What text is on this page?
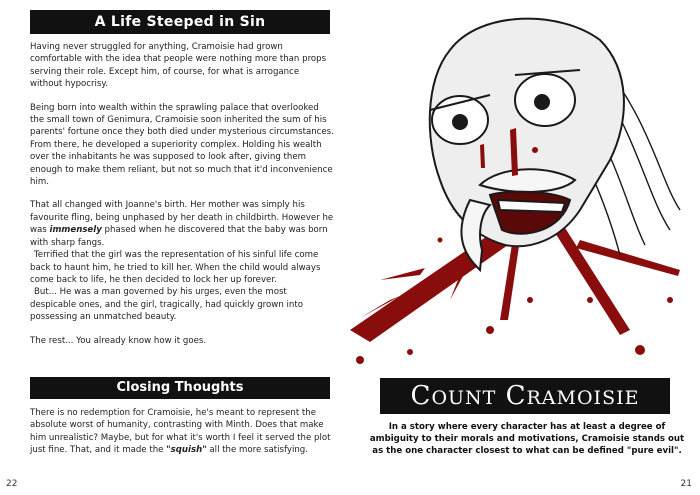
A Life Steeped in Sin

Having never struggled for anything, Cramoisie had grown comfortable with the idea that people were nothing more than props serving their role. Except him, of course, for what is arrogance without hypocrisy.

Being born into wealth within the sprawling palace that overlooked the small town of Genimura, Cramoisie soon inherited the sum of his parents' fortune once they both died under mysterious circumstances. From there, he developed a superiority complex. Holding his wealth over the inhabitants he was supposed to look after, giving them enough to make them reliant, but not so much that it'd inconvenience him.

That all changed with Joanne's birth. Her mother was simply his favourite fling, being unphased by her death in childbirth. However he was immensely phased when he discovered that the baby was born with sharp fangs.

Terrified that the girl was the representation of his sinful life come back to haunt him, he tried to kill her. When the child would always come back to life, he then decided to lock her up forever.

But... He was a man governed by his urges, even the most despicable ones, and the girl, tragically, had quickly grown into possessing an unmatched beauty.

The rest... You already know how it goes.

Closing Thoughts

There is no redemption for Cramoisie, he's meant to represent the absolute worst of humanity, contrasting with Minth. Does that make him unrealistic? Maybe, but for what it's worth I feel it served the plot just fine. That, and it made the "squish" all the more satisfying.

22
COUNT CRAMOISIE
In a story where every character has at least a degree of ambiguity to their morals and motivations, Cramoisie stands out as the one character closest to what can be defined "pure evil".
21
